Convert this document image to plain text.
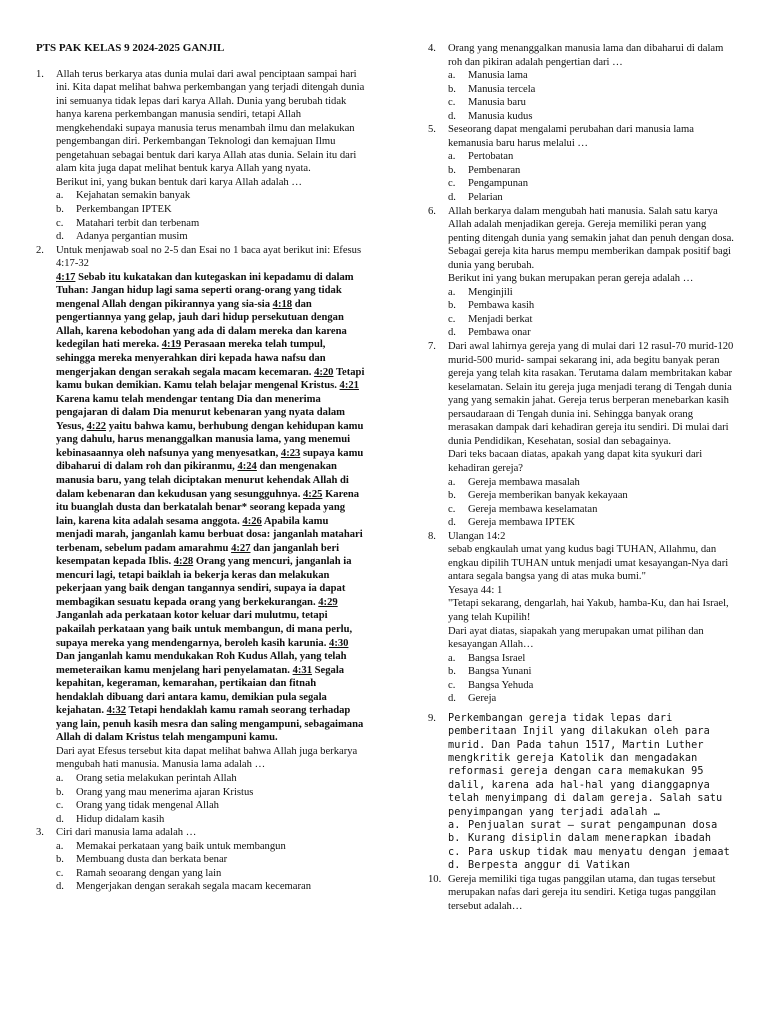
PTS PAK KELAS 9 2024-2025 GANJIL
1. Allah terus berkarya atas dunia mulai dari awal penciptaan sampai hari ini. Kita dapat melihat bahwa perkembangan yang terjadi ditengah dunia ini semuanya tidak lepas dari karya Allah. Dunia yang berubah tidak hanya karena perkembangan manusia sendiri, tetapi Allah mengkehendaki supaya manusia terus menambah ilmu dan melakukan pengembangan diri. Perkembangan Teknologi dan kemajuan Ilmu pengetahuan sebagai bentuk dari karya Allah atas dunia. Selain itu dari alam kita juga dapat melihat bentuk karya Allah yang nyata.
Berikut ini, yang bukan bentuk dari karya Allah adalah …
a. Kejahatan semakin banyak
b. Perkembangan IPTEK
c. Matahari terbit dan terbenam
d. Adanya pergantian musim
2. Untuk menjawab soal no 2-5 dan Esai no 1 baca ayat berikut ini: Efesus 4:17-32
4:17 Sebab itu kukatakan dan kutegaskan ini kepadamu di dalam Tuhan: Jangan hidup lagi sama seperti orang-orang yang tidak mengenal Allah dengan pikirannya yang sia-sia 4:18 dan pengertiannya yang gelap, jauh dari hidup persekutuan dengan Allah, karena kebodohan yang ada di dalam mereka dan karena kedegilan hati mereka. 4:19 Perasaan mereka telah tumpul, sehingga mereka menyerahkan diri kepada hawa nafsu dan mengerjakan dengan serakah segala macam kecemaran. 4:20 Tetapi kamu bukan demikian. Kamu telah belajar mengenal Kristus. 4:21 Karena kamu telah mendengar tentang Dia dan menerima pengajaran di dalam Dia menurut kebenaran yang nyata dalam Yesus, 4:22 yaitu bahwa kamu, berhubung dengan kehidupan kamu yang dahulu, harus menanggalkan manusia lama, yang menemui kebinasaannya oleh nafsunya yang menyesatkan, 4:23 supaya kamu dibaharui di dalam roh dan pikiranmu, 4:24 dan mengenakan manusia baru, yang telah diciptakan menurut kehendak Allah di dalam kebenaran dan kekudusan yang sesungguhnya. 4:25 Karena itu buanglah dusta dan berkatalah benar* seorang kepada yang lain, karena kita adalah sesama anggota. 4:26 Apabila kamu menjadi marah, janganlah kamu berbuat dosa: janganlah matahari terbenam, sebelum padam amarahmu 4:27 dan janganlah beri kesempatan kepada Iblis. 4:28 Orang yang mencuri, janganlah ia mencuri lagi, tetapi baiklah ia bekerja keras dan melakukan pekerjaan yang baik dengan tangannya sendiri, supaya ia dapat membagikan sesuatu kepada orang yang berkekurangan. 4:29 Janganlah ada perkataan kotor keluar dari mulutmu, tetapi pakailah perkataan yang baik untuk membangun, di mana perlu, supaya mereka yang mendengarnya, beroleh kasih karunia. 4:30 Dan janganlah kamu mendukakan Roh Kudus Allah, yang telah memeteraikan kamu menjelang hari penyelamatan. 4:31 Segala kepahitan, kegeraman, kemarahan, pertikaian dan fitnah hendaklah dibuang dari antara kamu, demikian pula segala kejahatan. 4:32 Tetapi hendaklah kamu ramah seorang terhadap yang lain, penuh kasih mesra dan saling mengampuni, sebagaimana Allah di dalam Kristus telah mengampuni kamu.
Dari ayat Efesus tersebut kita dapat melihat bahwa Allah juga berkarya mengubah hati manusia. Manusia lama adalah …
a. Orang setia melakukan perintah Allah
b. Orang yang mau menerima ajaran Kristus
c. Orang yang tidak mengenal Allah
d. Hidup didalam kasih
3. Ciri dari manusia lama adalah …
a. Memakai perkataan yang baik untuk membangun
b. Membuang dusta dan berkata benar
c. Ramah seoarang dengan yang lain
d. Mengerjakan dengan serakah segala macam kecemaran
4. Orang yang menanggalkan manusia lama dan dibaharui di dalam roh dan pikiran adalah pengertian dari …
a. Manusia lama
b. Manusia tercela
c. Manusia baru
d. Manusia kudus
5. Seseorang dapat mengalami perubahan dari manusia lama kemanusia baru harus melalui …
a. Pertobatan
b. Pembenaran
c. Pengampunan
d. Pelarian
6. Allah berkarya dalam mengubah hati manusia. Salah satu karya Allah adalah menjadikan gereja. Gereja memiliki peran yang penting ditengah dunia yang semakin jahat dan penuh dengan dosa. Sebagai gereja kita harus mempu memberikan dampak positif bagi dunia yang berubah.
Berikut ini yang bukan merupakan peran gereja adalah …
a. Menginjili
b. Pembawa kasih
c. Menjadi berkat
d. Pembawa onar
7. Dari awal lahirnya gereja yang di mulai dari 12 rasul-70 murid-120 murid-500 murid- sampai sekarang ini, ada begitu banyak peran gereja yang telah kita rasakan. Terutama dalam membritakan kabar keselamatan. Selain itu gereja juga menjadi terang di Tengah dunia yang yang semakin jahat. Gereja terus berperan menebarkan kasih persaudaraan di Tengah dunia ini. Sehingga banyak orang merasakan dampak dari kehadiran gereja itu sendiri. Di mulai dari dunia Pendidikan, Kesehatan, sosial dan sebagainya.
Dari teks bacaan diatas, apakah yang dapat kita syukuri dari kehadiran gereja?
a. Gereja membawa masalah
b. Gereja memberikan banyak kekayaan
c. Gereja membawa keselamatan
d. Gereja membawa IPTEK
8. Ulangan 14:2
sebab engkaulah umat yang kudus bagi TUHAN, Allahmu, dan engkau dipilih TUHAN untuk menjadi umat kesayangan-Nya dari antara segala bangsa yang di atas muka bumi."
Yesaya 44: 1
"Tetapi sekarang, dengarlah, hai Yakub, hamba-Ku, dan hai Israel, yang telah Kupilih!
Dari ayat diatas, siapakah yang merupakan umat pilihan dan kesayangan Allah…
a. Bangsa Israel
b. Bangsa Yunani
c. Bangsa Yehuda
d. Gereja
9. Perkembangan gereja tidak lepas dari pemberitaan Injil yang dilakukan oleh para murid. Dan Pada tahun 1517, Martin Luther mengkritik gereja Katolik dan mengadakan reformasi gereja dengan cara memakukan 95 dalil, karena ada hal-hal yang dianggapnya telah menyimpang di dalam gereja. Salah satu penyimpangan yang terjadi adalah …
a. Penjualan surat – surat pengampunan dosa
b. Kurang disiplin dalam menerapkan ibadah
c. Para uskup tidak mau menyatu dengan jemaat
d. Berpesta anggur di Vatikan
10. Gereja memiliki tiga tugas panggilan utama, dan tugas tersebut merupakan nafas dari gereja itu sendiri. Ketiga tugas panggilan tersebut adalah…
